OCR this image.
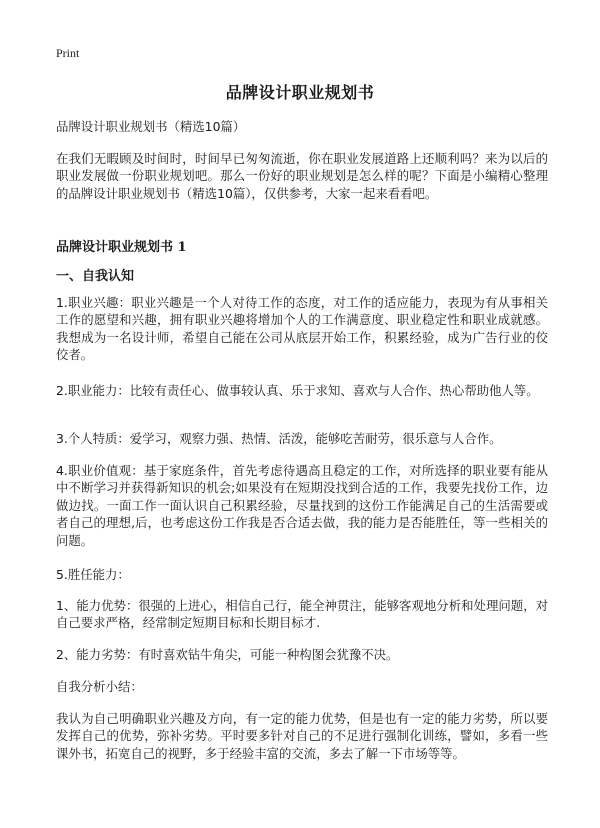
Print
品牌设计职业规划书

品牌设计职业规划书（精选10篇）

在我们无暇顾及时间时，时间早已匆匆流逝，你在职业发展道路上还顺利吗？来为以后的职业发展做一份职业规划吧。那么一份好的职业规划是怎么样的呢？下面是小编精心整理的品牌设计职业规划书（精选10篇），仅供参考，大家一起来看看吧。

品牌设计职业规划书 1
一、自我认知

1.职业兴趣：职业兴趣是一个人对待工作的态度，对工作的适应能力，表现为有从事相关工作的愿望和兴趣，拥有职业兴趣将增加个人的工作满意度、职业稳定性和职业成就感。我想成为一名设计师，希望自己能在公司从底层开始工作，积累经验，成为广告行业的佼佼者。

2.职业能力：比较有责任心、做事较认真、乐于求知、喜欢与人合作、热心帮助他人等。

3.个人特质：爱学习，观察力强、热情、活泼，能够吃苦耐劳，很乐意与人合作。

4.职业价值观：基于家庭条件，首先考虑待遇高且稳定的工作，对所选择的职业要有能从中不断学习并获得新知识的机会;如果没有在短期没找到合适的工作，我要先找份工作，边做边找。一面工作一面认识自己积累经验，尽量找到的这份工作能满足自己的生活需要或者自己的理想,后，也考虑这份工作我是否合适去做，我的能力是否能胜任，等一些相关的问题。

5.胜任能力：

1、能力优势：很强的上进心，相信自己行，能全神贯注，能够客观地分析和处理问题，对自己要求严格，经常制定短期目标和长期目标才.

2、能力劣势：有时喜欢钻牛角尖，可能一种构图会犹豫不决。

自我分析小结：

我认为自己明确职业兴趣及方向，有一定的能力优势，但是也有一定的能力劣势，所以要发挥自己的优势，弥补劣势。平时要多针对自己的不足进行强制化训练，譬如，多看一些课外书，拓宽自己的视野，多于经验丰富的交流，多去了解一下市场等等。
